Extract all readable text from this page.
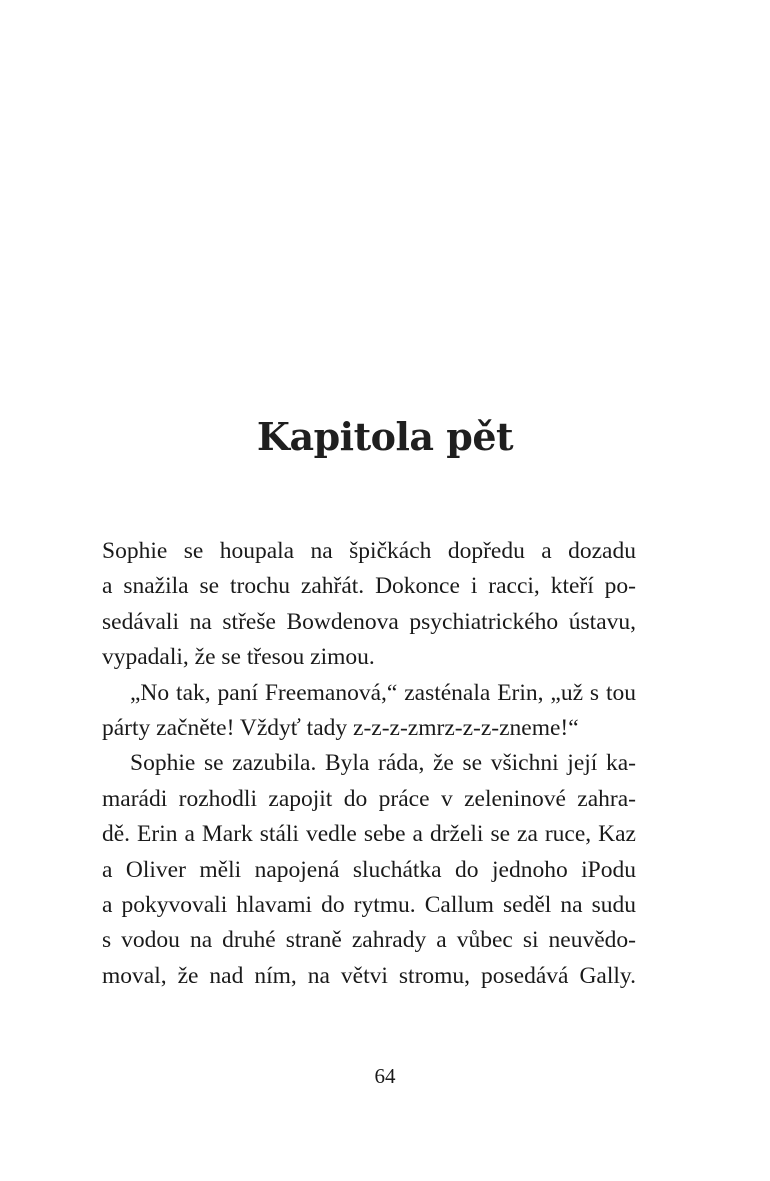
Kapitola pět
Sophie se houpala na špičkách dopředu a dozadu
a snažila se trochu zahřát. Dokonce i racci, kteří po-
sedávali na střeše Bowdenova psychiatrického ústavu,
vypadali, že se třesou zimou.
„No tak, paní Freemanová,“ zasténala Erin, „už s tou
párty začněte! Vždyť tady z-z-z-zmrz-z-z-zneme!“
Sophie se zazubila. Byla ráda, že se všichni její ka-
marádi rozhodli zapojit do práce v zeleninové zahra-
dě. Erin a Mark stáli vedle sebe a drželi se za ruce, Kaz
a Oliver měli napojená sluchátka do jednoho iPodu
a pokyvovali hlavami do rytmu. Callum seděl na sudu
s vodou na druhé straně zahrady a vůbec si neuvědo-
moval, že nad ním, na větvi stromu, posedává Gally.
64
